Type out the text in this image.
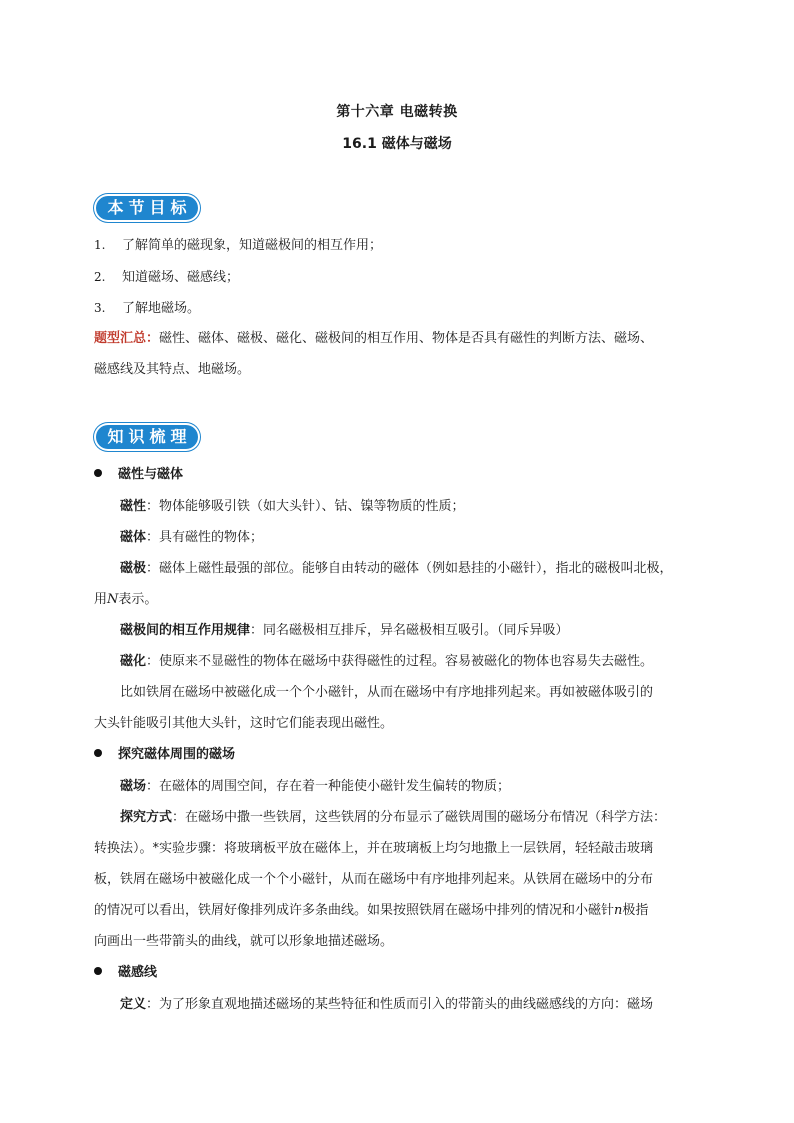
第十六章 电磁转换
16.1 磁体与磁场
本节目标
1. 了解简单的磁现象，知道磁极间的相互作用；
2. 知道磁场、磁感线；
3. 了解地磁场。
题型汇总：磁性、磁体、磁极、磁化、磁极间的相互作用、物体是否具有磁性的判断方法、磁场、
磁感线及其特点、地磁场。
知识梳理
磁性与磁体
磁性：物体能够吸引铁（如大头针）、钴、镍等物质的性质；
磁体：具有磁性的物体；
磁极：磁体上磁性最强的部位。能够自由转动的磁体（例如悬挂的小磁针），指北的磁极叫北极，
用N表示。
磁极间的相互作用规律：同名磁极相互排斥，异名磁极相互吸引。（同斥异吸）
磁化：使原来不显磁性的物体在磁场中获得磁性的过程。容易被磁化的物体也容易失去磁性。
比如铁屑在磁场中被磁化成一个个小磁针，从而在磁场中有序地排列起来。再如被磁体吸引的
大头针能吸引其他大头针，这时它们能表现出磁性。
探究磁体周围的磁场
磁场：在磁体的周围空间，存在着一种能使小磁针发生偏转的物质；
探究方式：在磁场中撒一些铁屑，这些铁屑的分布显示了磁铁周围的磁场分布情况（科学方法：
转换法）。*实验步骤：将玻璃板平放在磁体上，并在玻璃板上均匀地撒上一层铁屑，轻轻敲击玻璃
板，铁屑在磁场中被磁化成一个个小磁针，从而在磁场中有序地排列起来。从铁屑在磁场中的分布
的情况可以看出，铁屑好像排列成许多条曲线。如果按照铁屑在磁场中排列的情况和小磁针n极指
向画出一些带箭头的曲线，就可以形象地描述磁场。
磁感线
定义：为了形象直观地描述磁场的某些特征和性质而引入的带箭头的曲线磁感线的方向：磁场
